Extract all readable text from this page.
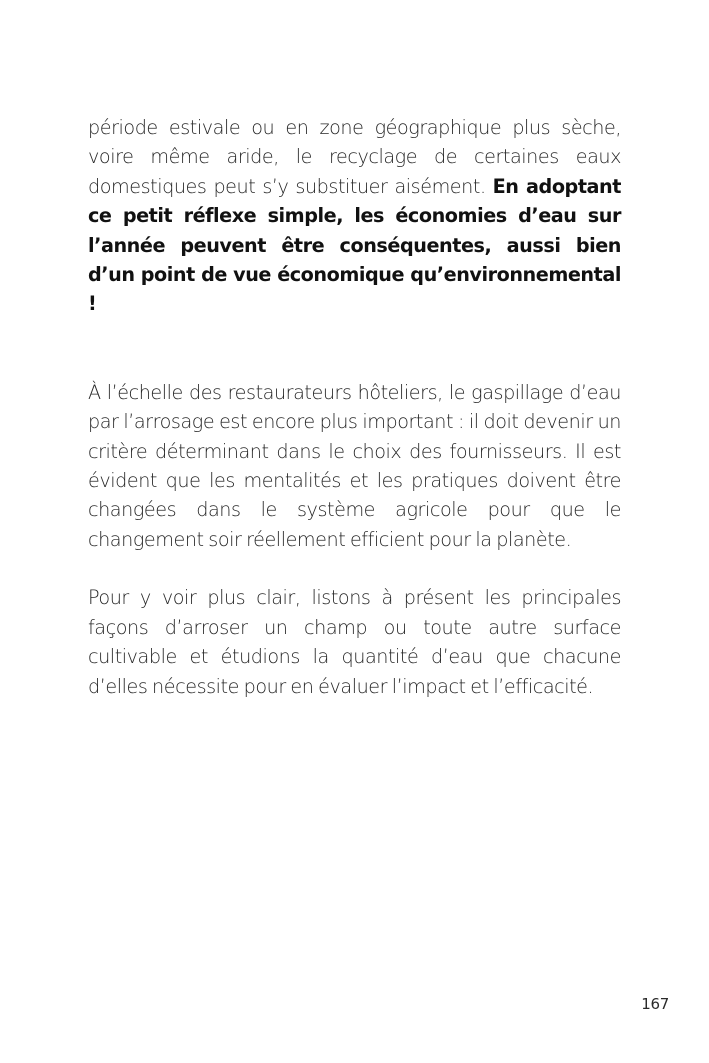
période estivale ou en zone géographique plus sèche, voire même aride, le recyclage de certaines eaux domestiques peut s’y substituer aisément. En adoptant ce petit réflexe simple, les économies d’eau sur l’année peuvent être conséquentes, aussi bien d’un point de vue économique qu’environnemental !

À l’échelle des restaurateurs hôteliers, le gaspillage d’eau par l’arrosage est encore plus important : il doit devenir un critère déterminant dans le choix des fournisseurs. Il est évident que les mentalités et les pratiques doivent être changées dans le système agricole pour que le changement soir réellement efficient pour la planète.

Pour y voir plus clair, listons à présent les principales façons d’arroser un champ ou toute autre surface cultivable et étudions la quantité d’eau que chacune d’elles nécessite pour en évaluer l’impact et l’efficacité.

167
